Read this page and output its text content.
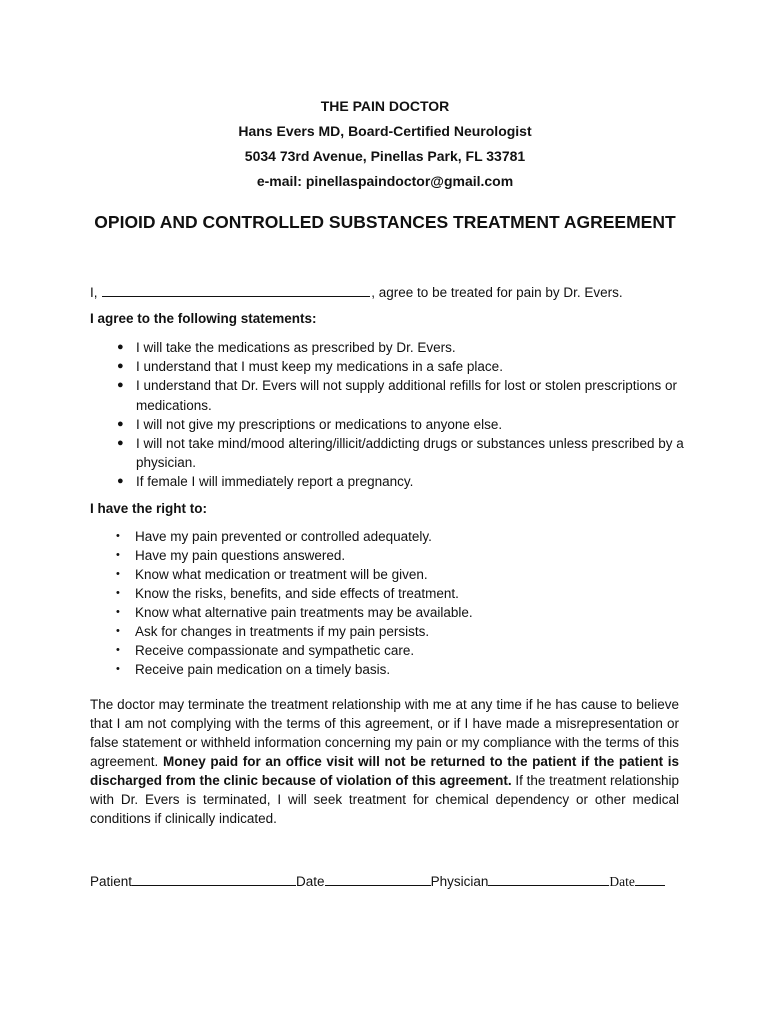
THE PAIN DOCTOR
Hans Evers MD, Board-Certified Neurologist
5034 73rd Avenue, Pinellas Park, FL 33781
e-mail: pinellaspaindoctor@gmail.com
OPIOID AND CONTROLLED SUBSTANCES TREATMENT AGREEMENT
I,	, agree to be treated for pain by Dr. Evers.
I agree to the following statements:
● I will take the medications as prescribed by Dr. Evers.
● I understand that I must keep my medications in a safe place.
● I understand that Dr. Evers will not supply additional refills for lost or stolen prescriptions or medications.
● I will not give my prescriptions or medications to anyone else.
● I will not take mind/mood altering/illicit/addicting drugs or substances unless prescribed by a physician.
● If female I will immediately report a pregnancy.
I have the right to:
• Have my pain prevented or controlled adequately.
• Have my pain questions answered.
• Know what medication or treatment will be given.
• Know the risks, benefits, and side effects of treatment.
• Know what alternative pain treatments may be available.
• Ask for changes in treatments if my pain persists.
• Receive compassionate and sympathetic care.
• Receive pain medication on a timely basis.
The doctor may terminate the treatment relationship with me at any time if he has cause to believe that I am not complying with the terms of this agreement, or if I have made a misrepresentation or false statement or withheld information concerning my pain or my compliance with the terms of this agreement. Money paid for an office visit will not be returned to the patient if the patient is discharged from the clinic because of violation of this agreement. If the treatment relationship with Dr. Evers is terminated, I will seek treatment for chemical dependency or other medical conditions if clinically indicated.
Patient	Date	Physician	Date
